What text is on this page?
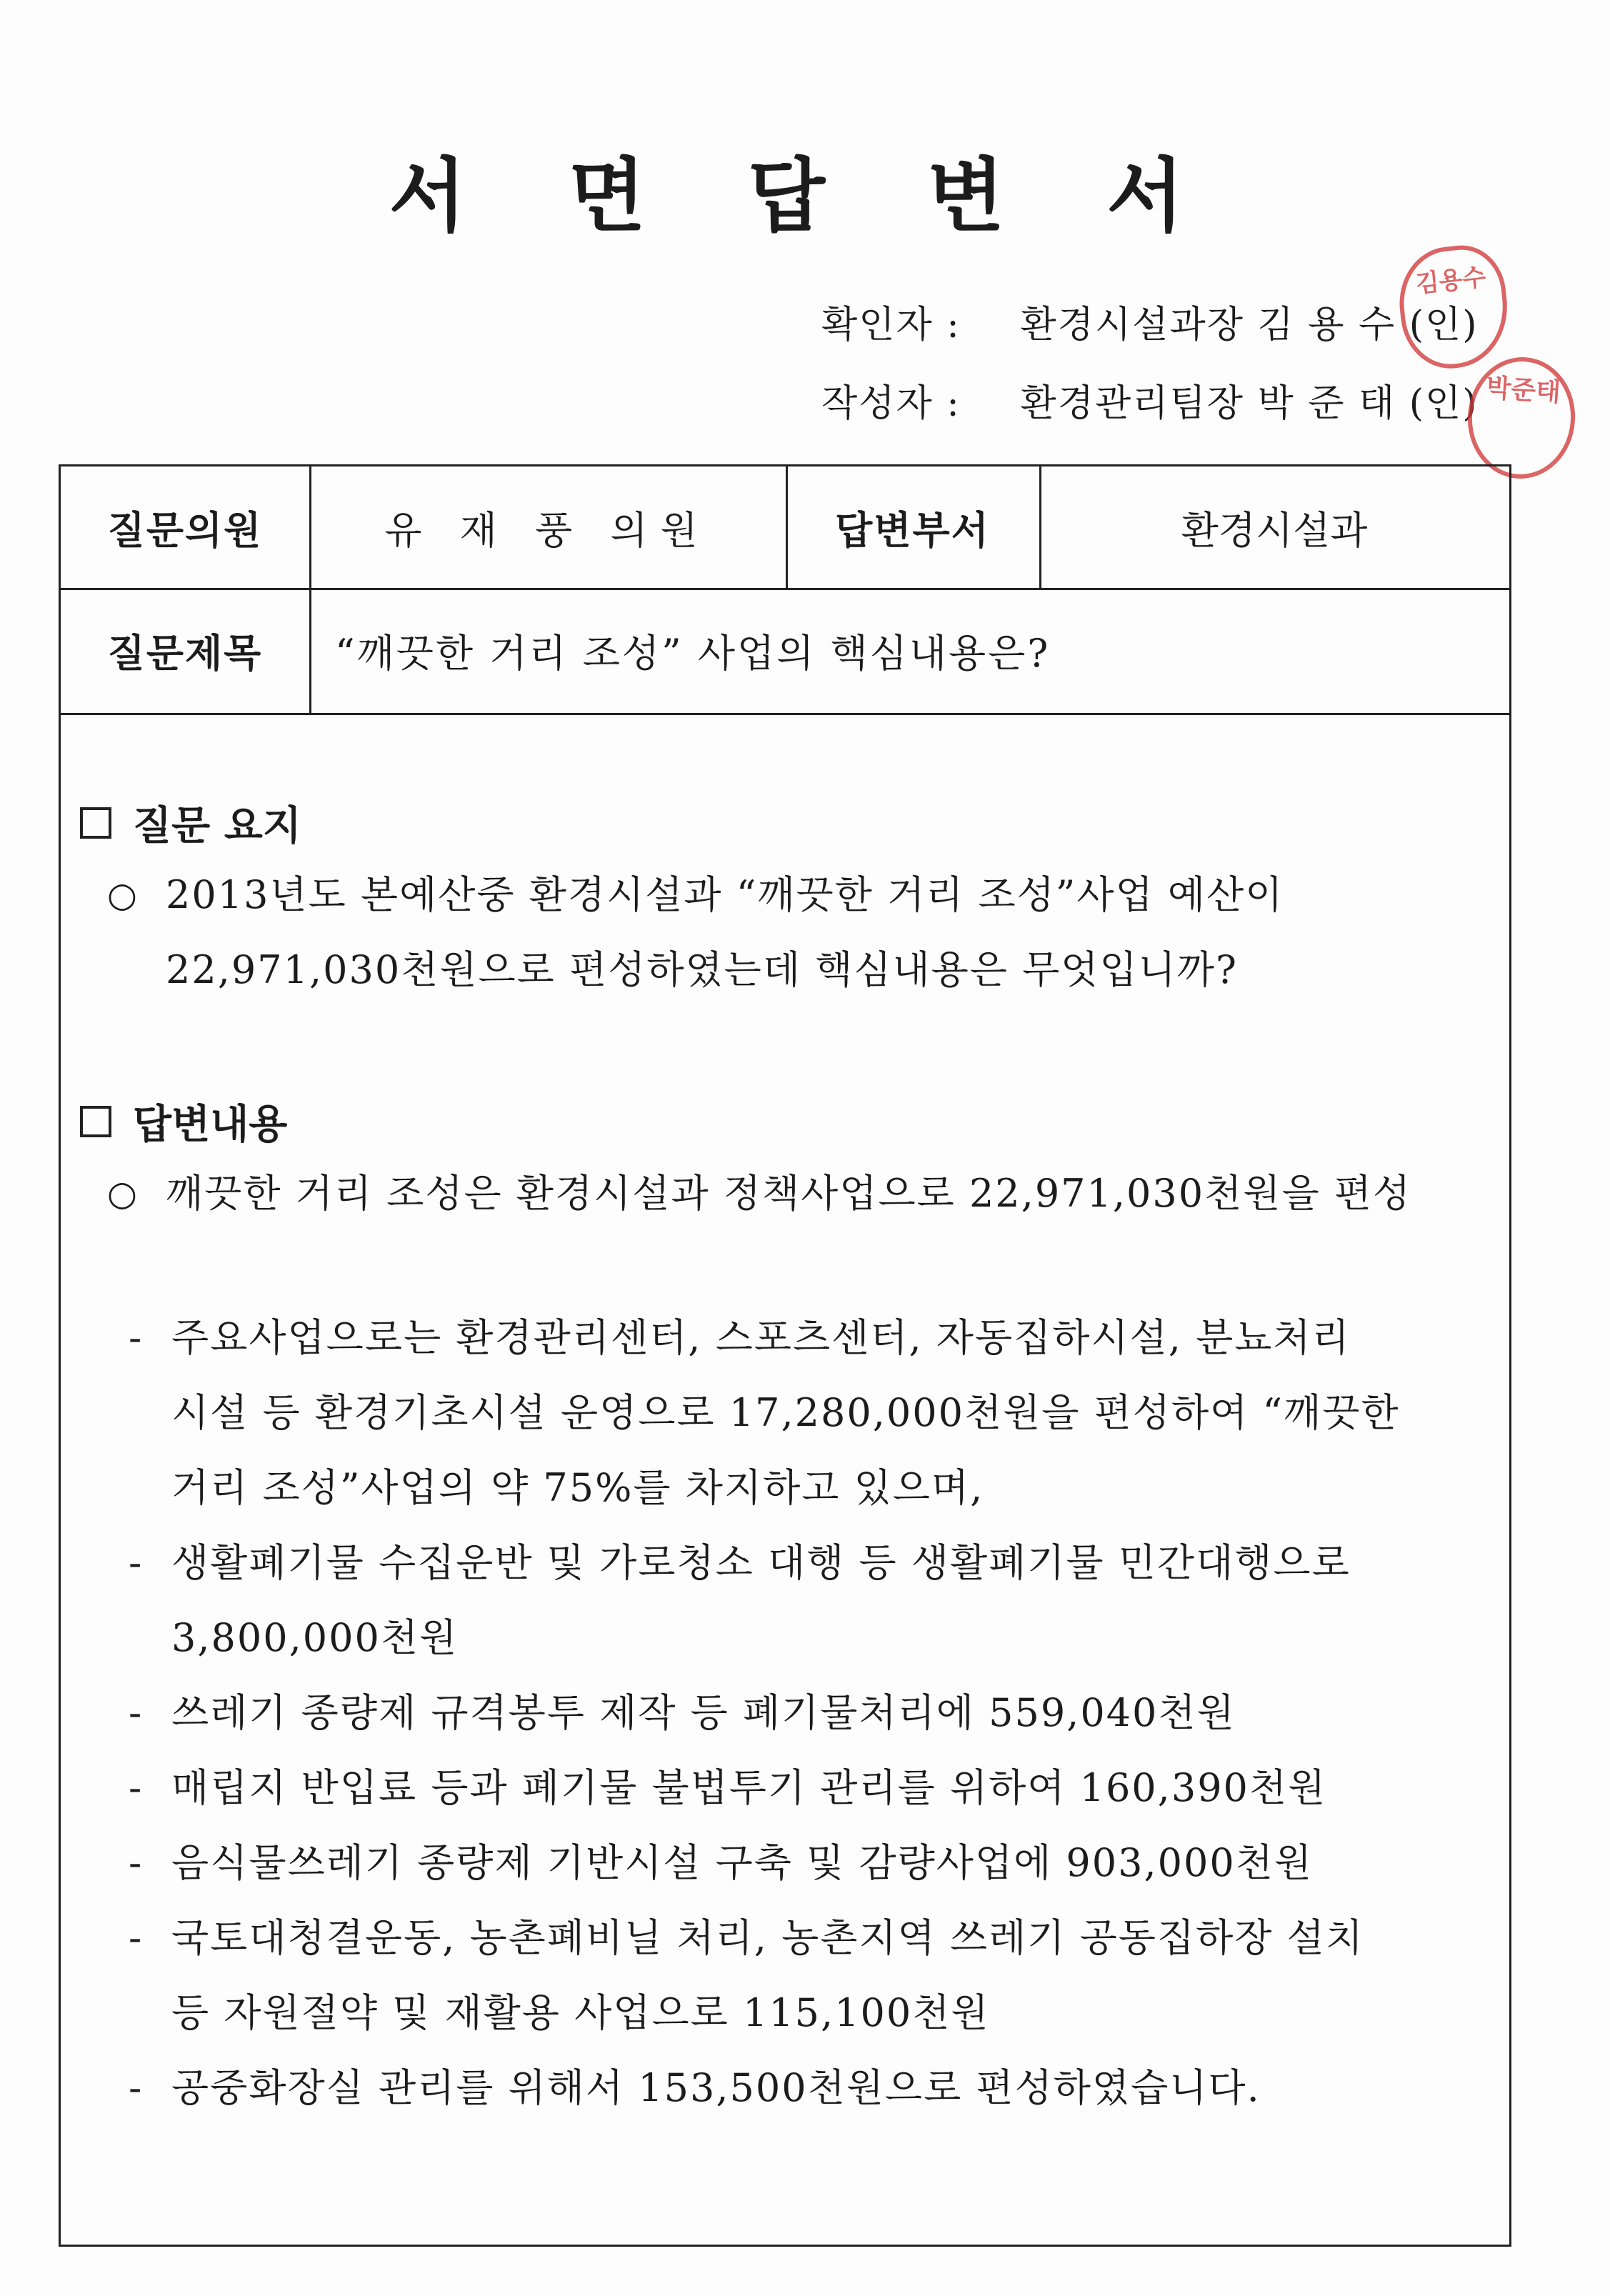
서 면 답 변 서
확인자 : 환경시설과장 김 용 수 (인)
작성자 : 환경관리팀장 박 준 태 (인)
김용수
박준태
질문의원	유 재 풍 의원	답변부서	환경시설과
질문제목	“깨끗한 거리 조성” 사업의 핵심내용은?
질문 요지
○ 2013년도 본예산중 환경시설과 “깨끗한 거리 조성”사업 예산이
22,971,030천원으로 편성하였는데 핵심내용은 무엇입니까?
답변내용
○ 깨끗한 거리 조성은 환경시설과 정책사업으로 22,971,030천원을 편성
- 주요사업으로는 환경관리센터, 스포츠센터, 자동집하시설, 분뇨처리
시설 등 환경기초시설 운영으로 17,280,000천원을 편성하여 “깨끗한
거리 조성”사업의 약 75%를 차지하고 있으며,
- 생활폐기물 수집운반 및 가로청소 대행 등 생활폐기물 민간대행으로
3,800,000천원
- 쓰레기 종량제 규격봉투 제작 등 폐기물처리에 559,040천원
- 매립지 반입료 등과 폐기물 불법투기 관리를 위하여 160,390천원
- 음식물쓰레기 종량제 기반시설 구축 및 감량사업에 903,000천원
- 국토대청결운동, 농촌폐비닐 처리, 농촌지역 쓰레기 공동집하장 설치
등 자원절약 및 재활용 사업으로 115,100천원
- 공중화장실 관리를 위해서 153,500천원으로 편성하였습니다.
